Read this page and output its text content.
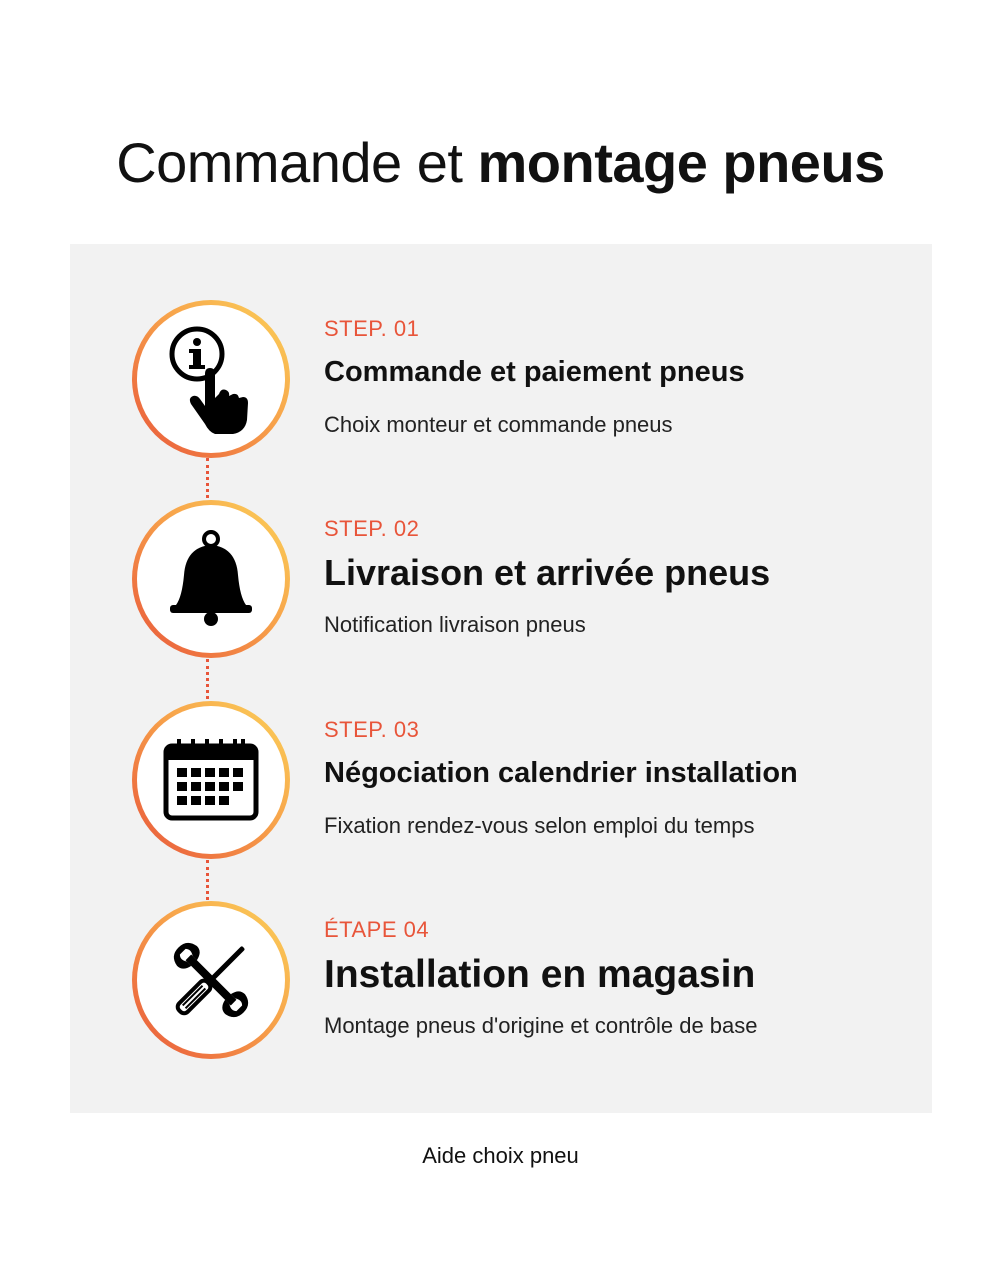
Commande et montage pneus
STEP. 01
Commande et paiement pneus
Choix monteur et commande pneus
STEP. 02
Livraison et arrivée pneus
Notification livraison pneus
STEP. 03
Négociation calendrier installation
Fixation rendez-vous selon emploi du temps
ÉTAPE 04
Installation en magasin
Montage pneus d'origine et contrôle de base
Aide choix pneu
